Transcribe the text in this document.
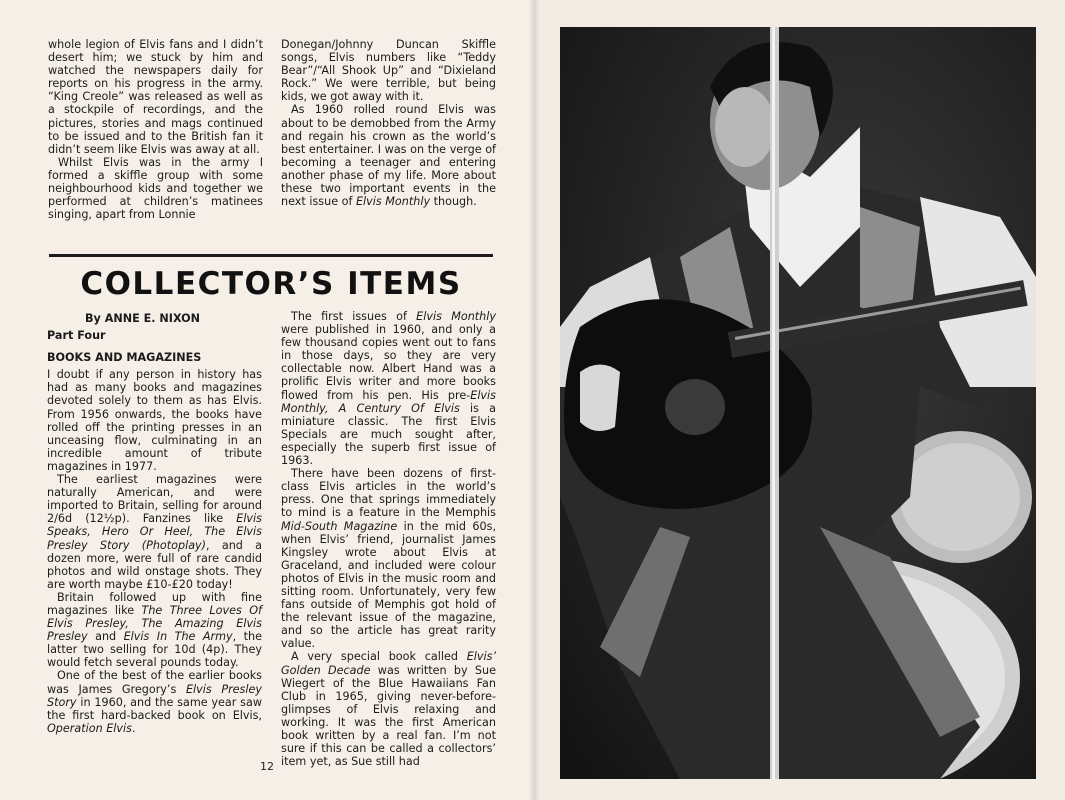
whole legion of Elvis fans and I didn’t desert him; we stuck by him and watched the newspapers daily for reports on his progress in the army. “King Creole” was released as well as a stockpile of recordings, and the pictures, stories and mags continued to be issued and to the British fan it didn’t seem like Elvis was away at all.

Whilst Elvis was in the army I formed a skiffle group with some neighbourhood kids and together we performed at children’s matinees singing, apart from Lonnie

Donegan/Johnny Duncan Skiffle songs, Elvis numbers like “Teddy Bear”/“All Shook Up” and “Dixieland Rock.” We were terrible, but being kids, we got away with it.

As 1960 rolled round Elvis was about to be demobbed from the Army and regain his crown as the world’s best entertainer. I was on the verge of becoming a teenager and entering another phase of my life. More about these two important events in the next issue of Elvis Monthly though.

COLLECTOR’S ITEMS

By ANNE E. NIXON

Part Four

BOOKS AND MAGAZINES

I doubt if any person in history has had as many books and magazines devoted solely to them as has Elvis. From 1956 onwards, the books have rolled off the printing presses in an unceasing flow, culminating in an incredible amount of tribute magazines in 1977.

The earliest magazines were naturally American, and were imported to Britain, selling for around 2/6d (12½p). Fanzines like Elvis Speaks, Hero Or Heel, The Elvis Presley Story (Photoplay), and a dozen more, were full of rare candid photos and wild onstage shots. They are worth maybe £10-£20 today!

Britain followed up with fine magazines like The Three Loves Of Elvis Presley, The Amazing Elvis Presley and Elvis In The Army, the latter two selling for 10d (4p). They would fetch several pounds today.

One of the best of the earlier books was James Gregory’s Elvis Presley Story in 1960, and the same year saw the first hard-backed book on Elvis, Operation Elvis.

The first issues of Elvis Monthly were published in 1960, and only a few thousand copies went out to fans in those days, so they are very collectable now. Albert Hand was a prolific Elvis writer and more books flowed from his pen. His pre-Elvis Monthly, A Century Of Elvis is a miniature classic. The first Elvis Specials are much sought after, especially the superb first issue of 1963.

There have been dozens of first-class Elvis articles in the world’s press. One that springs immediately to mind is a feature in the Memphis Mid-South Magazine in the mid 60s, when Elvis’ friend, journalist James Kingsley wrote about Elvis at Graceland, and included were colour photos of Elvis in the music room and sitting room. Unfortunately, very few fans outside of Memphis got hold of the relevant issue of the magazine, and so the article has great rarity value.

A very special book called Elvis’ Golden Decade was written by Sue Wiegert of the Blue Hawaiians Fan Club in 1965, giving never-before-glimpses of Elvis relaxing and working. It was the first American book written by a real fan. I’m not sure if this can be called a collectors’ item yet, as Sue still had

12
